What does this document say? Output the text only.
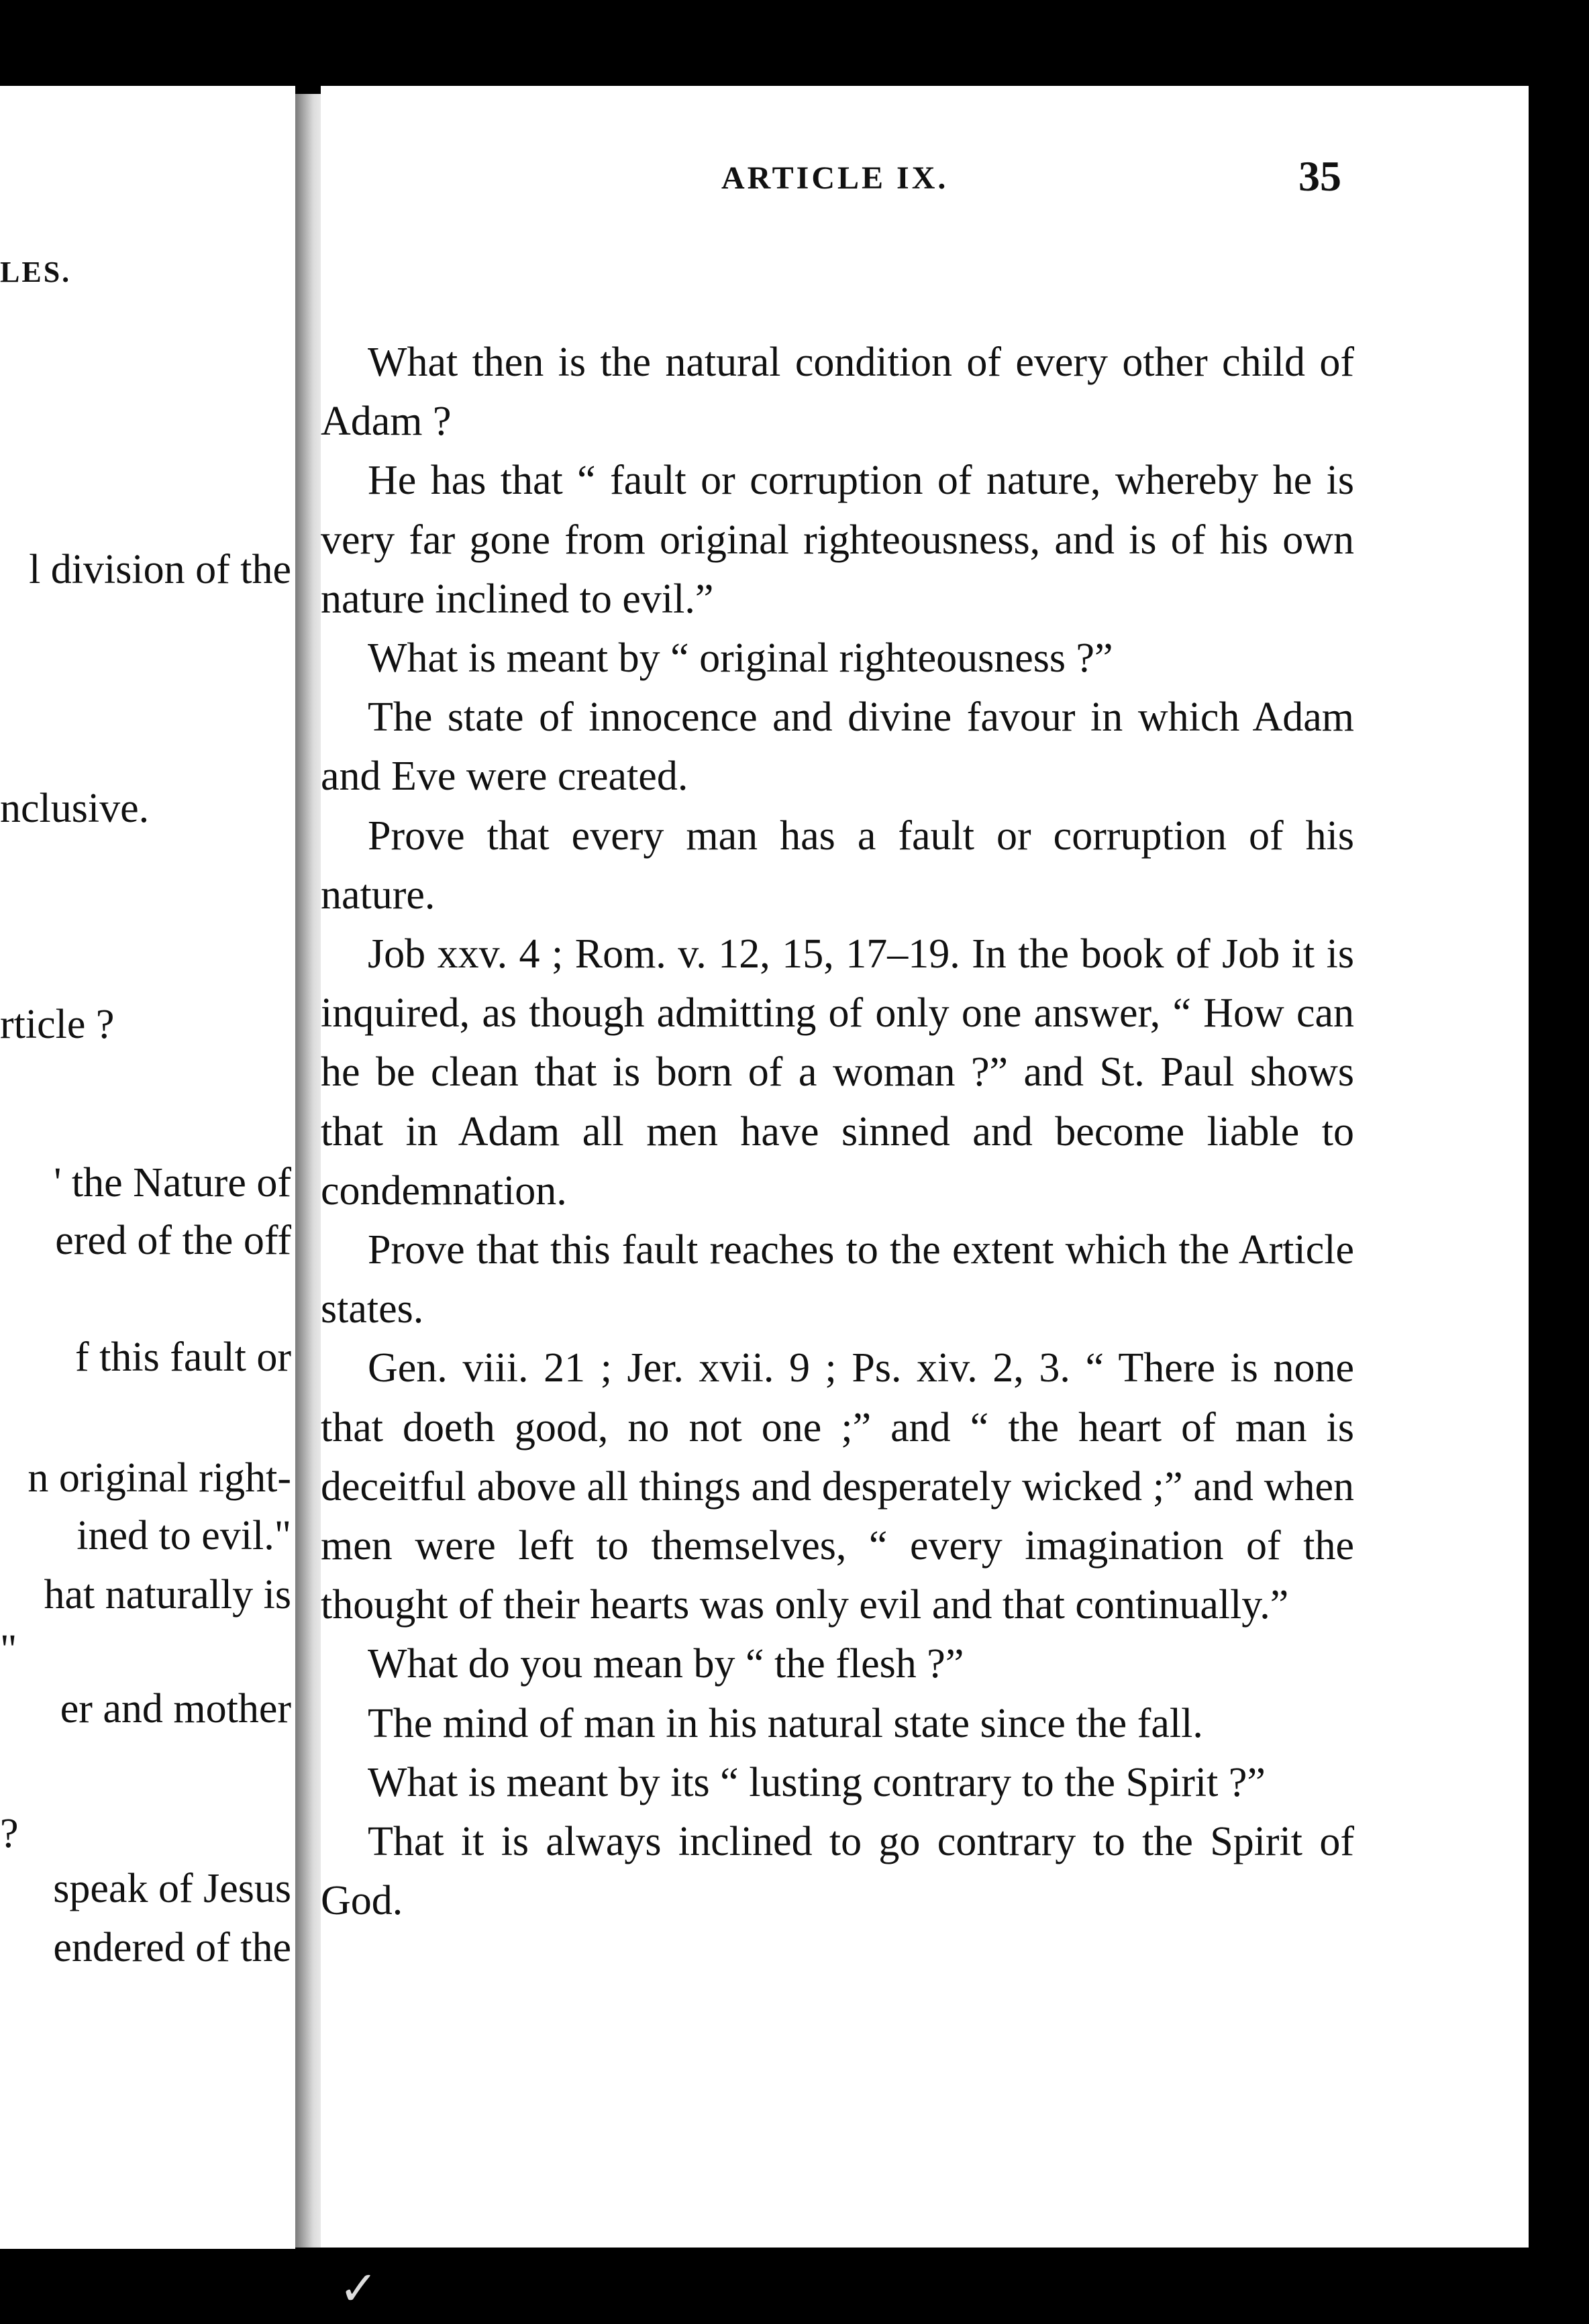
LES.
l division of the
nclusive.
rticle ?
' the Nature of
ered of the off
f this fault or
n original right-
ined to evil."
hat naturally is
"
er and mother
?
speak of Jesus
endered of the
ARTICLE IX.	35

What then is the natural condition of every other child of Adam ?

He has that “ fault or corruption of nature, whereby he is very far gone from original righteousness, and is of his own nature inclined to evil.”

What is meant by “ original righteousness ?”

The state of innocence and divine favour in which Adam and Eve were created.

Prove that every man has a fault or corruption of his nature.

Job xxv. 4 ; Rom. v. 12, 15, 17–19. In the book of Job it is inquired, as though admitting of only one answer, “ How can he be clean that is born of a woman ?” and St. Paul shows that in Adam all men have sinned and become liable to condemnation.

Prove that this fault reaches to the extent which the Article states.

Gen. viii. 21 ; Jer. xvii. 9 ; Ps. xiv. 2, 3. “ There is none that doeth good, no not one ;” and “ the heart of man is deceitful above all things and desperately wicked ;” and when men were left to themselves, “ every imagination of the thought of their hearts was only evil and that continually.”

What do you mean by “ the flesh ?”

The mind of man in his natural state since the fall.

What is meant by its “ lusting contrary to the Spirit ?”

That it is always inclined to go contrary to the Spirit of God.

✓
